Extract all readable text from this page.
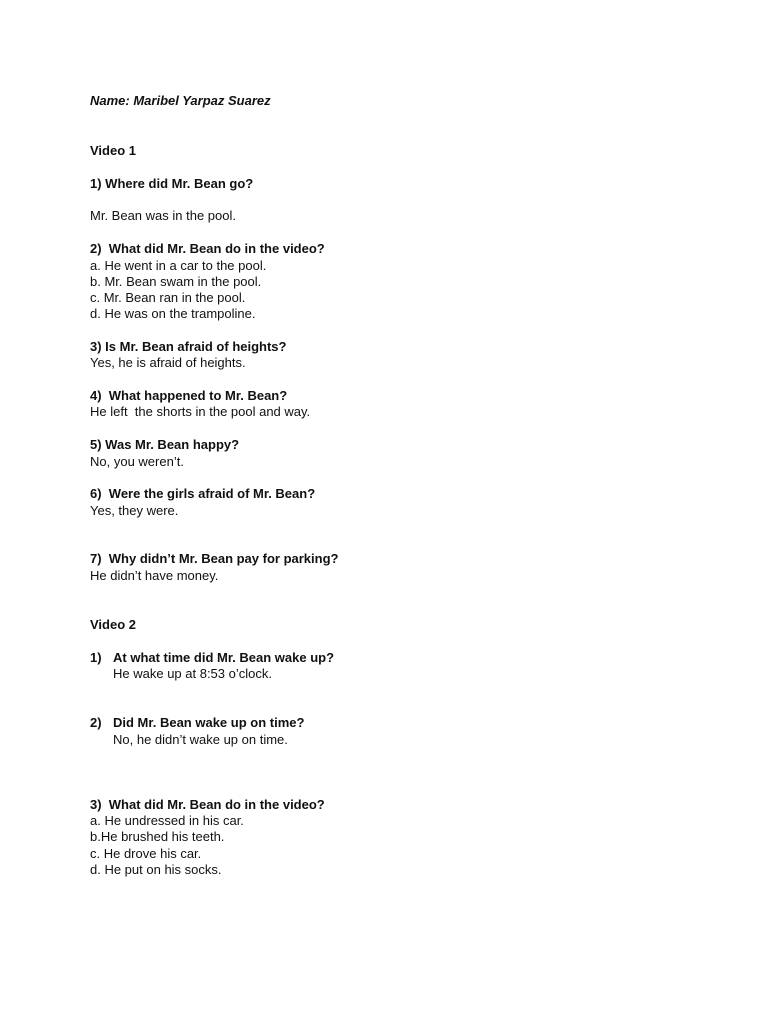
Name: Maribel Yarpaz Suarez
Video 1
1) Where did Mr. Bean go?
Mr. Bean was in the pool.
2)  What did Mr. Bean do in the video?
a. He went in a car to the pool.
b. Mr. Bean swam in the pool.
c. Mr. Bean ran in the pool.
d. He was on the trampoline.
3) Is Mr. Bean afraid of heights?
Yes, he is afraid of heights.
4)  What happened to Mr. Bean?
He left  the shorts in the pool and way.
5) Was Mr. Bean happy?
No, you weren’t.
6)  Were the girls afraid of Mr. Bean?
Yes, they were.
7)  Why didn’t Mr. Bean pay for parking?
He didn’t have money.
Video 2
1) At what time did Mr. Bean wake up?
He wake up at 8:53 o’clock.
2) Did Mr. Bean wake up on time?
No, he didn’t wake up on time.
3)  What did Mr. Bean do in the video?
a. He undressed in his car.
b.He brushed his teeth.
c. He drove his car.
d. He put on his socks.
